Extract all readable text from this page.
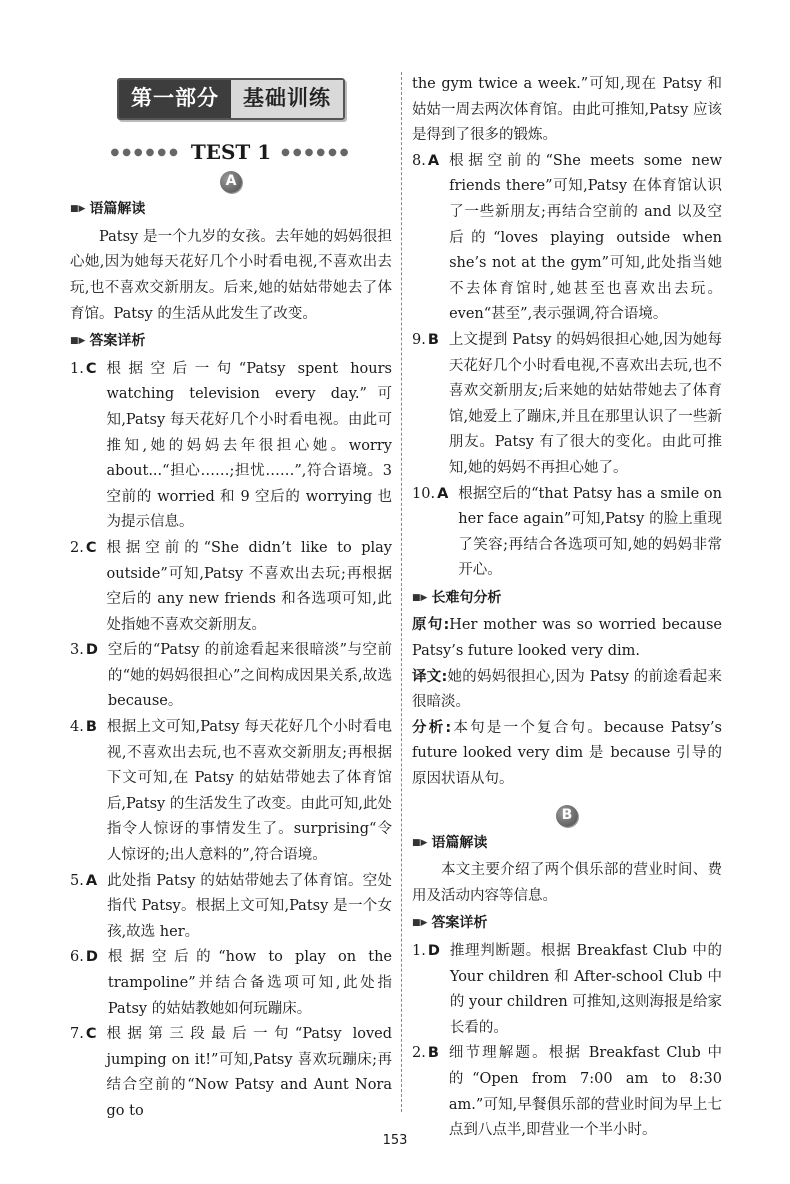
第一部分	基础训练
●●●●●● TEST 1 ●●●●●●
A
■▶ 语篇解读

Patsy 是一个九岁的女孩。去年她的妈妈很担心她,因为她每天花好几个小时看电视,不喜欢出去玩,也不喜欢交新朋友。后来,她的姑姑带她去了体育馆。Patsy 的生活从此发生了改变。

■▶ 答案详析
1. C 根据空后一句“Patsy spent hours watching television every day.”可知,Patsy 每天花好几个小时看电视。由此可推知,她的妈妈去年很担心她。worry about...“担心……;担忧……”,符合语境。3 空前的 worried 和 9 空后的 worrying 也为提示信息。
2. C 根据空前的“She didn’t like to play outside”可知,Patsy 不喜欢出去玩;再根据空后的 any new friends 和各选项可知,此处指她不喜欢交新朋友。
3. D 空后的“Patsy 的前途看起来很暗淡”与空前的“她的妈妈很担心”之间构成因果关系,故选 because。
4. B 根据上文可知,Patsy 每天花好几个小时看电视,不喜欢出去玩,也不喜欢交新朋友;再根据下文可知,在 Patsy 的姑姑带她去了体育馆后,Patsy 的生活发生了改变。由此可知,此处指令人惊讶的事情发生了。surprising“令人惊讶的;出人意料的”,符合语境。
5. A 此处指 Patsy 的姑姑带她去了体育馆。空处指代 Patsy。根据上文可知,Patsy 是一个女孩,故选 her。
6. D 根据空后的“how to play on the trampoline”并结合备选项可知,此处指 Patsy 的姑姑教她如何玩蹦床。
7. C 根据第三段最后一句“Patsy loved jumping on it!”可知,Patsy 喜欢玩蹦床;再结合空前的“Now Patsy and Aunt Nora go to

the gym twice a week.”可知,现在 Patsy 和姑姑一周去两次体育馆。由此可推知,Patsy 应该是得到了很多的锻炼。

8. A 根据空前的“She meets some new friends there”可知,Patsy 在体育馆认识了一些新朋友;再结合空前的 and 以及空后的“loves playing outside when she’s not at the gym”可知,此处指当她不去体育馆时,她甚至也喜欢出去玩。even“甚至”,表示强调,符合语境。
9. B 上文提到 Patsy 的妈妈很担心她,因为她每天花好几个小时看电视,不喜欢出去玩,也不喜欢交新朋友;后来她的姑姑带她去了体育馆,她爱上了蹦床,并且在那里认识了一些新朋友。Patsy 有了很大的变化。由此可推知,她的妈妈不再担心她了。
10. A 根据空后的“that Patsy has a smile on her face again”可知,Patsy 的脸上重现了笑容;再结合各选项可知,她的妈妈非常开心。
■▶ 长难句分析

原句:Her mother was so worried because Patsy’s future looked very dim.

译文:她的妈妈很担心,因为 Patsy 的前途看起来很暗淡。

分析:本句是一个复合句。because Patsy’s future looked very dim 是 because 引导的原因状语从句。

B
■▶ 语篇解读

本文主要介绍了两个俱乐部的营业时间、费用及活动内容等信息。

■▶ 答案详析
1. D 推理判断题。根据 Breakfast Club 中的 Your children 和 After-school Club 中的 your children 可推知,这则海报是给家长看的。
2. B 细节理解题。根据 Breakfast Club 中的“Open from 7:00 am to 8:30 am.”可知,早餐俱乐部的营业时间为早上七点到八点半,即营业一个半小时。
153
